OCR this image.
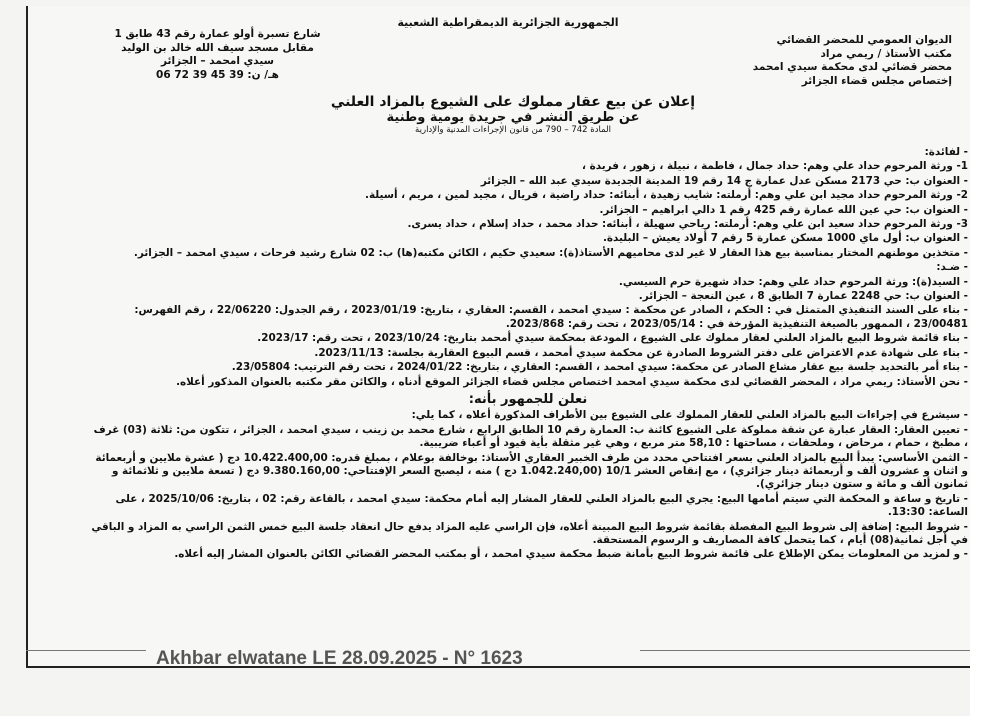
الجمهورية الجزائرية الديمقراطية الشعبية
شارع تسبرة أولو عمارة رقم 43 طابق 1
مقابل مسجد سيف الله خالد بن الوليد
سيدي امحمد – الجزائر
هـ/ ن: 39 45 39 72 06
الديوان العمومي للمحضر القضائي
مكتب الأستاذ / ريمي مراد
محضر قضائي لدى محكمة سيدي امحمد
إختصاص مجلس قضاء الجزائر
إعلان عن بيع عقار مملوك على الشيوع بالمزاد العلني
عن طريق النشر في جريدة يومية وطنية
المادة 742 – 790 من قانون الإجراءات المدنية والإدارية

- لفائدة:

1- ورثة المرحوم حداد علي وهم: حداد جمال ، فاطمة ، نبيلة ، زهور ، فريدة ،

- العنوان ب: حي 2173 مسكن عدل عمارة ج 14 رقم 19 المدينة الجديدة سيدي عبد الله – الجزائر

2- ورثة المرحوم حداد مجيد ابن علي وهم: أرملته: شايب زهيدة ، أبنائه: حداد راضية ، فريال ، مجيد لمين ، مريم ، أسيلة.

- العنوان ب: حي عين الله عمارة رقم 425 رقم 1 دالي ابراهيم – الجزائر.

3- ورثة المرحوم حداد سعيد ابن علي وهم: أرملته: رياحي سهيلة ، أبنائه: حداد محمد ، حداد إسلام ، حداد يسرى.

- العنوان ب: أول ماي 1000 مسكن عمارة 5 رقم 7 أولاد يعيش – البليدة.

- متخذين موطنهم المختار بمناسبة بيع هذا العقار لا غير لدى محاميهم الأستاذ(ة): سعيدي حكيم ، الكائن مكتبه(ها) ب: 02 شارع رشيد فرحات ، سيدي امحمد – الجزائر.

- ضـد:

- السيد(ة): ورثة المرحوم حداد علي وهم: حداد شهيرة حرم السيسي.

- العنوان ب: حي 2248 عمارة 7 الطابق 8 ، عين النعجة – الجزائر.

- بناء على السند التنفيذي المتمثل في : الحكم ، الصادر عن محكمة : سيدي امحمد ، القسم: العقاري ، بتاريخ: 2023/01/19 ، رقم الجدول: 22/06220 ، رقم الفهرس: 23/00481 ، الممهور بالصيغة التنفيذية المؤرخة في : 2023/05/14 ، تحت رقم: 2023/868.

- بناء قائمة شروط البيع بالمزاد العلني لعقار مملوك على الشيوع ، المودعة بمحكمة سيدي أمحمد بتاريخ: 2023/10/24 ، تحت رقم: 2023/17.

- بناء على شهادة عدم الاعتراض على دفتر الشروط الصادرة عن محكمة سيدي أمحمد ، قسم البيوع العقارية بجلسة: 2023/11/13.

- بناء أمر بالتحديد جلسة بيع عقار مشاع الصادر عن محكمة: سيدي امحمد ، القسم: العقاري ، بتاريخ: 2024/01/22 ، تحت رقم الترتيب: 23/05804.

- نحن الأستاذ: ريمي مراد ، المحضر القضائي لدى محكمة سيدي امحمد اختصاص مجلس قضاء الجزائر الموقع أدناه ، والكائن مقر مكتبه بالعنوان المذكور أعلاه.

نعلن للجمهور بأنه:

- سيشرع في إجراءات البيع بالمزاد العلني للعقار المملوك على الشيوع بين الأطراف المذكورة أعلاه ، كما يلي:

- تعيين العقار: العقار عبارة عن شقة مملوكة على الشيوع كائنة ب: العمارة رقم 10 الطابق الرابع ، شارع محمد بن زينب ، سيدي امحمد ، الجزائر ، تتكون من: ثلاثة (03) غرف ، مطبخ ، حمام ، مرحاض ، وملحقات ، مساحتها : 58,10 متر مربع ، وهي غير مثقلة بأية قيود أو أعباء ضريبية.

- الثمن الأساسي: يبدأ البيع بالمزاد العلني بسعر افتتاحي محدد من طرف الخبير العقاري الأستاذ: بوخالفة بوعلام ، بمبلغ قدره: 10.422.400,00 دج ( عشرة ملايين و أربعمائة و اثنان و عشرون ألف و أربعمائة دينار جزائري) ، مع إنقاص العشر 10/1 (1.042.240,00 دج ) منه ، ليصبح السعر الإفتتاحي: 9.380.160,00 دج ( تسعة ملايين و ثلاثمائة و ثمانون ألف و مائة و ستون دينار جزائري).

- تاريخ و ساعة و المحكمة التي سيتم أمامها البيع: يجري البيع بالمزاد العلني للعقار المشار إليه أمام محكمة: سيدي امحمد ، بالقاعة رقم: 02 ، بتاريخ: 2025/10/06 ، على الساعة: 13:30.

- شروط البيع: إضافة إلى شروط البيع المفصلة بقائمة شروط البيع المبينة أعلاه، فإن الراسي عليه المزاد يدفع حال انعقاد جلسة البيع خمس الثمن الراسي به المزاد و الباقي في أجل ثمانية(08) أيام ، كما يتحمل كافة المصاريف و الرسوم المستحقة.

- و لمزيد من المعلومات يمكن الإطلاع على قائمة شروط البيع بأمانة ضبط محكمة سيدي امحمد ، أو بمكتب المحضر القضائي الكائن بالعنوان المشار إليه أعلاه.

Akhbar elwatane LE 28.09.2025 - N° 1623
